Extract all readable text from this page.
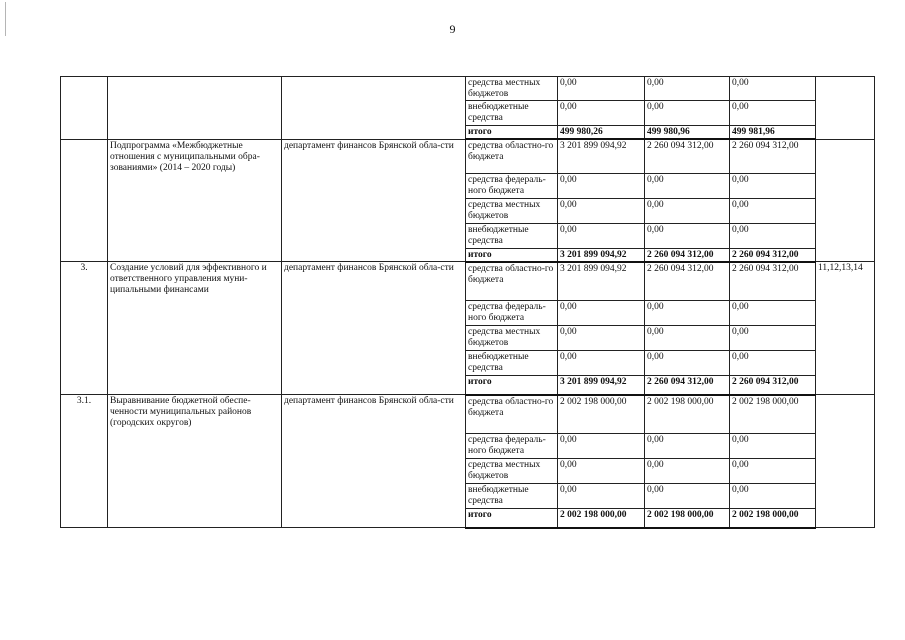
9
			средства местных бюджетов	0,00	0,00	0,00	
			внебюджетные средства	0,00	0,00	0,00	
			итого	499 980,26	499 980,96	499 981,96	
	Подпрограмма «Межбюджетные отношения с муниципальными обра-зованиями» (2014 – 2020 годы)	департамент финансов Брянской обла-сти	средства областно-го бюджета	3 201 899 094,92	2 260 094 312,00	2 260 094 312,00	
			средства федераль-ного бюджета	0,00	0,00	0,00	
			средства местных бюджетов	0,00	0,00	0,00	
			внебюджетные средства	0,00	0,00	0,00	
			итого	3 201 899 094,92	2 260 094 312,00	2 260 094 312,00	
3.	Создание условий для эффективного и ответственного управления муни-ципальными финансами	департамент финансов Брянской обла-сти	средства областно-го бюджета	3 201 899 094,92	2 260 094 312,00	2 260 094 312,00	11,12,13,14
			средства федераль-ного бюджета	0,00	0,00	0,00	
			средства местных бюджетов	0,00	0,00	0,00	
			внебюджетные средства	0,00	0,00	0,00	
			итого	3 201 899 094,92	2 260 094 312,00	2 260 094 312,00	
3.1.	Выравнивание бюджетной обеспе-ченности муниципальных районов (городских округов)	департамент финансов Брянской обла-сти	средства областно-го бюджета	2 002 198 000,00	2 002 198 000,00	2 002 198 000,00	
			средства федераль-ного бюджета	0,00	0,00	0,00	
			средства местных бюджетов	0,00	0,00	0,00	
			внебюджетные средства	0,00	0,00	0,00	
			итого	2 002 198 000,00	2 002 198 000,00	2 002 198 000,00	
